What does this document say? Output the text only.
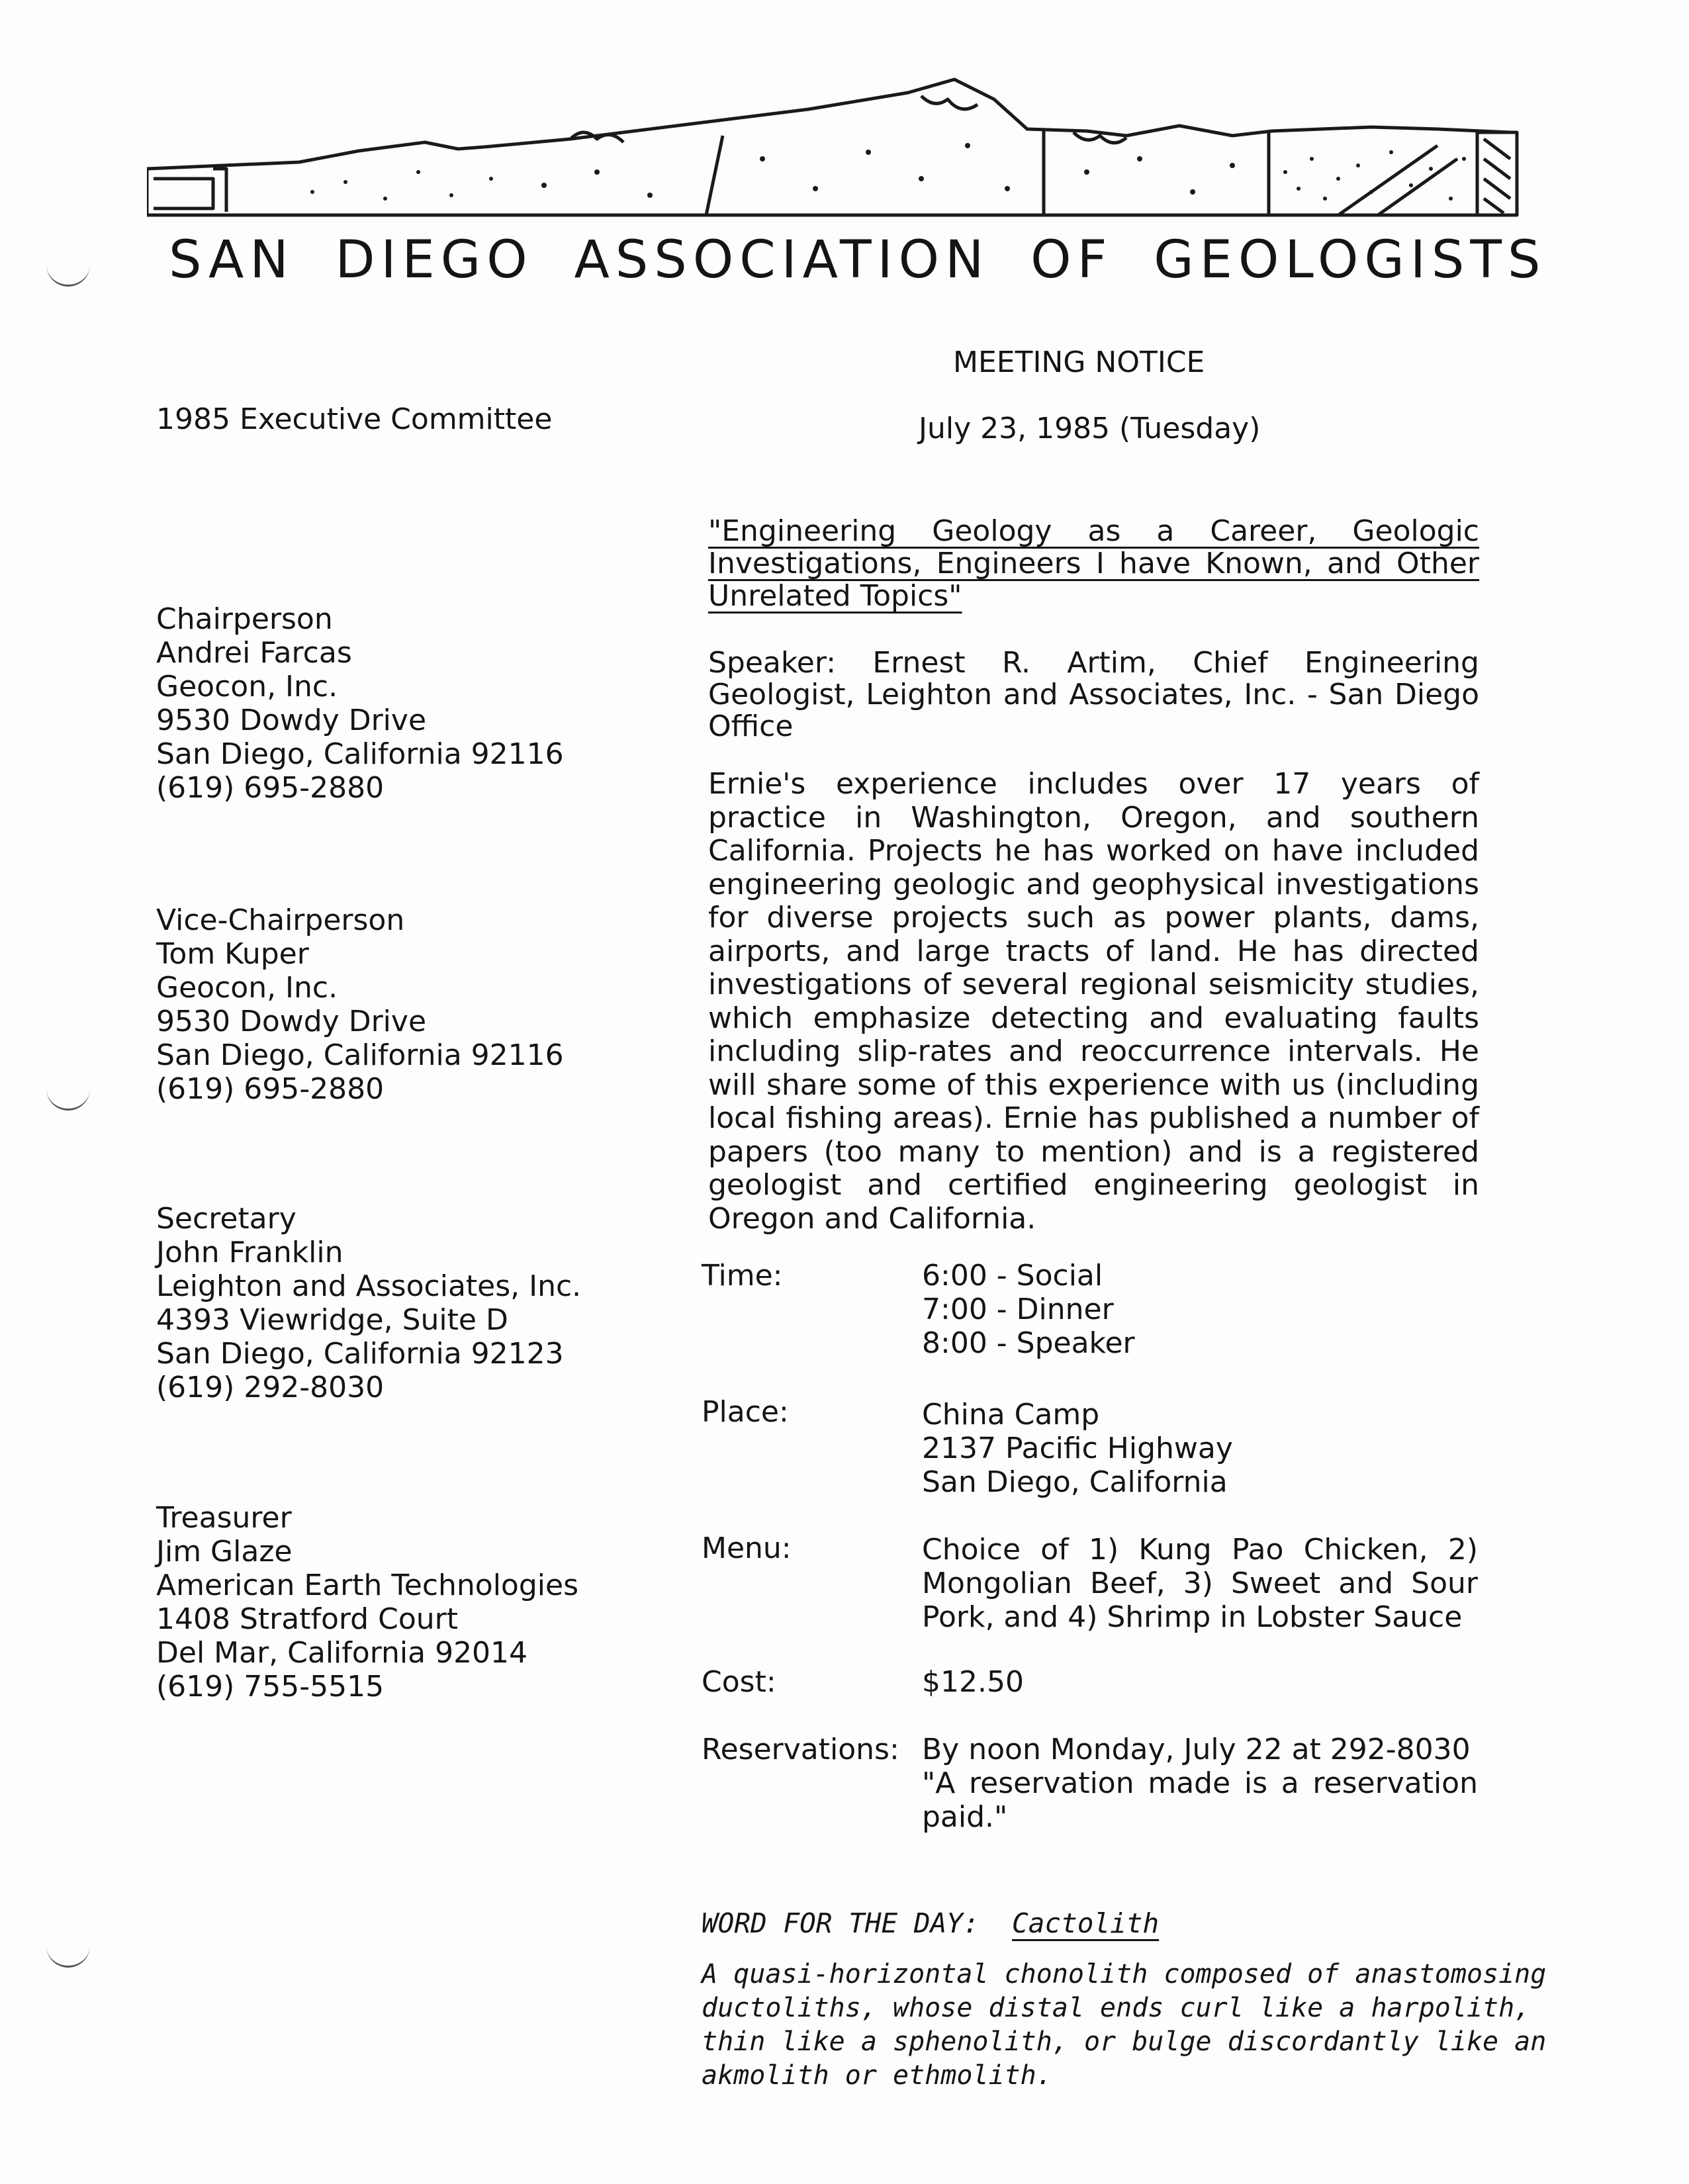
SAN DIEGO ASSOCIATION OF GEOLOGISTS
1985 Executive Committee
Chairperson
Andrei Farcas
Geocon, Inc.
9530 Dowdy Drive
San Diego, California 92116
(619) 695-2880
Vice-Chairperson
Tom Kuper
Geocon, Inc.
9530 Dowdy Drive
San Diego, California 92116
(619) 695-2880
Secretary
John Franklin
Leighton and Associates, Inc.
4393 Viewridge, Suite D
San Diego, California 92123
(619) 292-8030
Treasurer
Jim Glaze
American Earth Technologies
1408 Stratford Court
Del Mar, California 92014
(619) 755-5515
MEETING NOTICE
July 23, 1985 (Tuesday)
"Engineering Geology as a Career, Geologic Investigations, Engineers I have Known, and Other Unrelated Topics"
Speaker: Ernest R. Artim, Chief Engineering Geologist, Leighton and Associates, Inc. - San Diego Office
Ernie's experience includes over 17 years of practice in Washington, Oregon, and southern California. Projects he has worked on have included engineering geologic and geophysical investigations for diverse projects such as power plants, dams, airports, and large tracts of land. He has directed investigations of several regional seismicity studies, which emphasize detecting and evaluating faults including slip-rates and reoccurrence intervals. He will share some of this experience with us (including local fishing areas). Ernie has published a number of papers (too many to mention) and is a registered geologist and certified engineering geologist in Oregon and California.
Time:	6:00 - Social
7:00 - Dinner
8:00 - Speaker
Place:	China Camp
2137 Pacific Highway
San Diego, California
Menu:	Choice of 1) Kung Pao Chicken, 2) Mongolian Beef, 3) Sweet and Sour Pork, and 4) Shrimp in Lobster Sauce
Cost:	$12.50
Reservations: By noon Monday, July 22 at 292-8030
"A reservation made is a reservation paid."
WORD FOR THE DAY: Cactolith
A quasi-horizontal chonolith composed of anastomosing
ductoliths, whose distal ends curl like a harpolith,
thin like a sphenolith, or bulge discordantly like an
akmolith or ethmolith.
